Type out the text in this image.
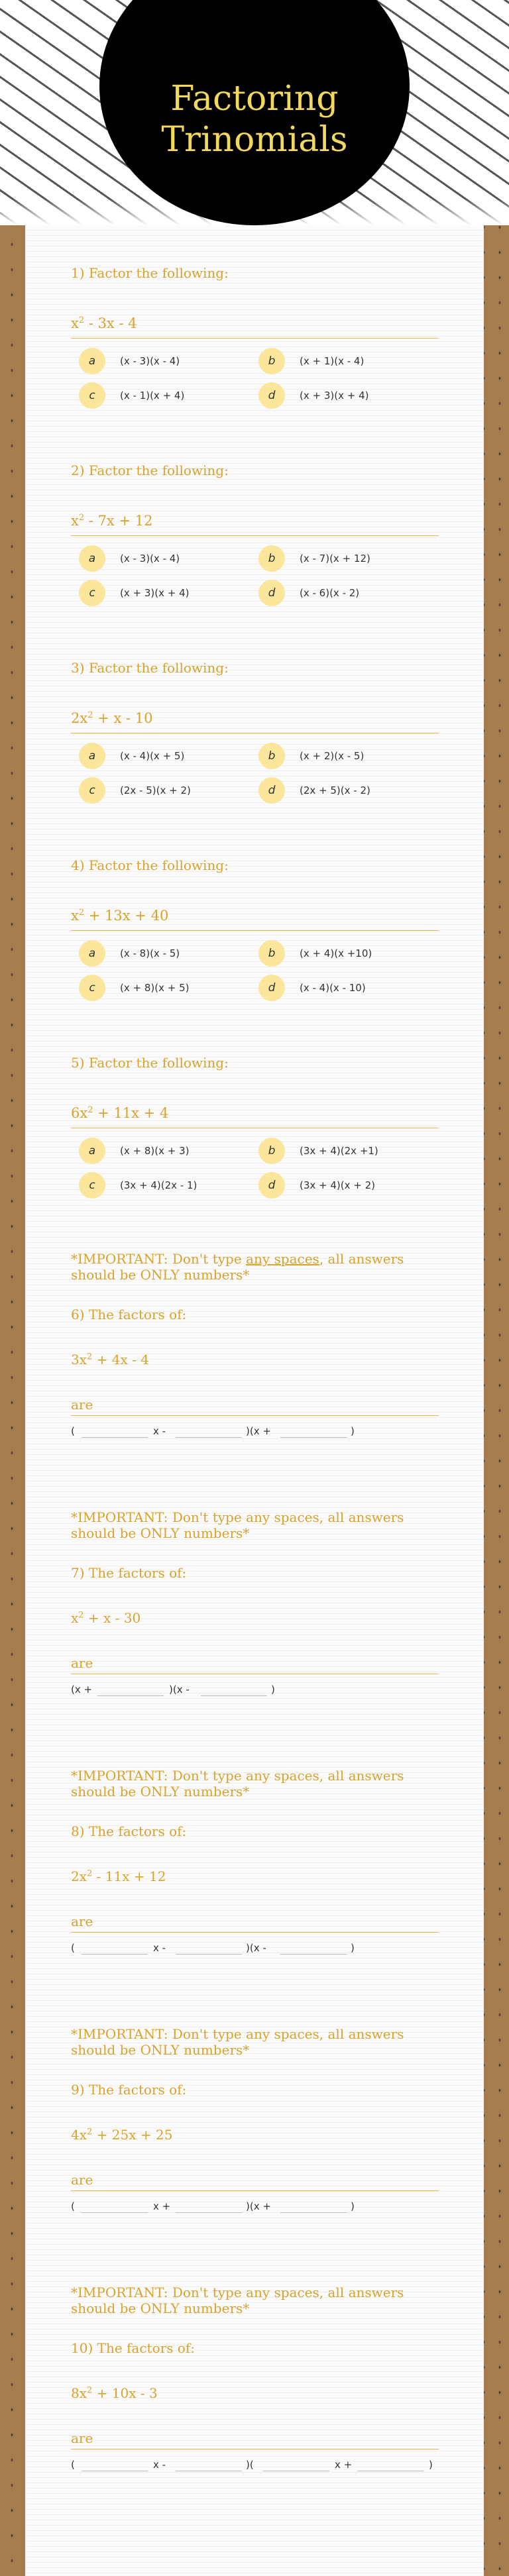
Factoring Trinomials
1) Factor the following:
$x^2 - 3x - 4$
a	(x - 3)(x - 4)	b	(x + 1)(x - 4)
c	(x - 1)(x + 4)	d	(x + 3)(x + 4)
2) Factor the following:
$x^2 - 7x + 12$
a	(x - 3)(x - 4)	b	(x - 7)(x + 12)
c	(x + 3)(x + 4)	d	(x - 6)(x - 2)
3) Factor the following:
$2x^2 + x - 10$
a	(x - 4)(x + 5)	b	(x + 2)(x - 5)
c	(2x - 5)(x + 2)	d	(2x + 5)(x - 2)
4) Factor the following:
$x^2 + 13x + 40$
a	(x - 8)(x - 5)	b	(x + 4)(x +10)
c	(x + 8)(x + 5)	d	(x - 4)(x - 10)
5) Factor the following:
$6x^2 + 11x + 4$
a	(x + 8)(x + 3)	b	(3x + 4)(2x +1)
c	(3x + 4)(2x - 1)	d	(3x + 4)(x + 2)
*IMPORTANT: Don't type any spaces, all answers should be ONLY numbers*
6) The factors of:
$3x^2 + 4x - 4$
are
(	x -	)(x +	)
*IMPORTANT: Don't type any spaces, all answers should be ONLY numbers*
7) The factors of:
$x^2 + x - 30$
are
(x +	)(x -	)
*IMPORTANT: Don't type any spaces, all answers should be ONLY numbers*
8) The factors of:
$2x^2 - 11x + 12$
are
(	x -	)(x -	)
*IMPORTANT: Don't type any spaces, all answers should be ONLY numbers*
9) The factors of:
$4x^2 + 25x + 25$
are
(	x +	)(x +	)
*IMPORTANT: Don't type any spaces, all answers should be ONLY numbers*
10) The factors of:
$8x^2 + 10x - 3$
are
(	x -	)(	x +	)
